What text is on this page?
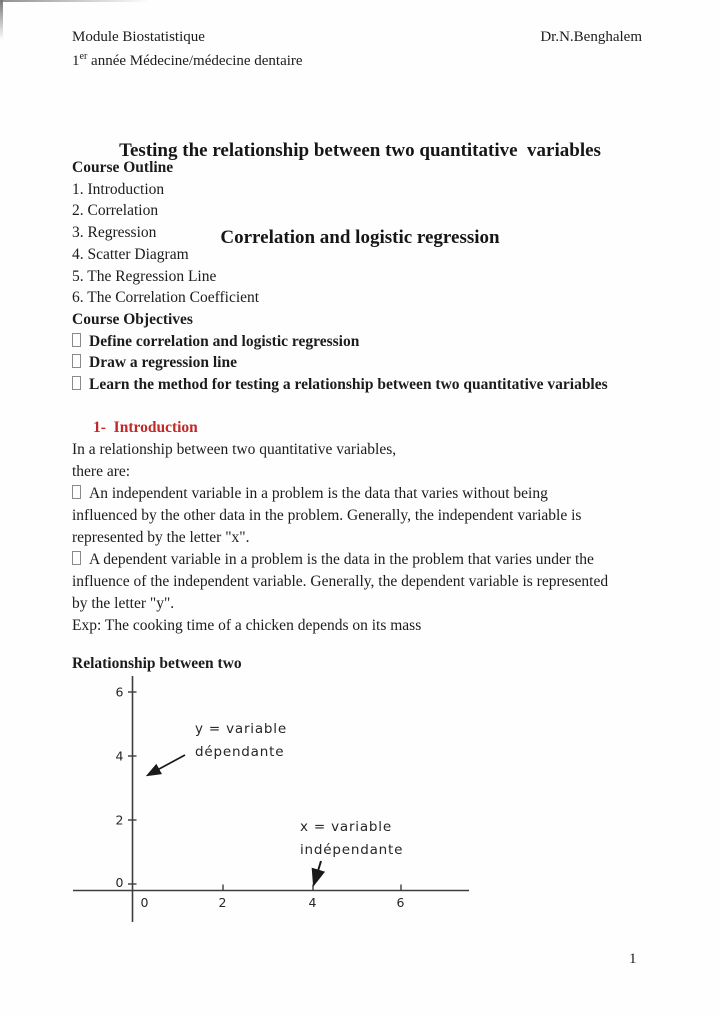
Module Biostatistique	Dr.N.Benghalem
1er année Médecine/médecine dentaire

Testing the relationship between two quantitative  variables

Correlation and logistic regression

Course Outline
1. Introduction
2. Correlation
3. Regression
4. Scatter Diagram
5. The Regression Line
6. The Correlation Coefficient
Course Objectives
Define correlation and logistic regression
Draw a regression line
Learn the method for testing a relationship between two quantitative variables
1-  Introduction
In a relationship between two quantitative variables,
there are:
An independent variable in a problem is the data that varies without being
influenced by the other data in the problem. Generally, the independent variable is
represented by the letter "x".
A dependent variable in a problem is the data in the problem that varies under the
influence of the independent variable. Generally, the dependent variable is represented
by the letter "y".
Exp: The cooking time of a chicken depends on its mass
Relationship between two
6
4
2
0
0	2	4	6
y = variable
dépendante
x = variable
indépendante
1
